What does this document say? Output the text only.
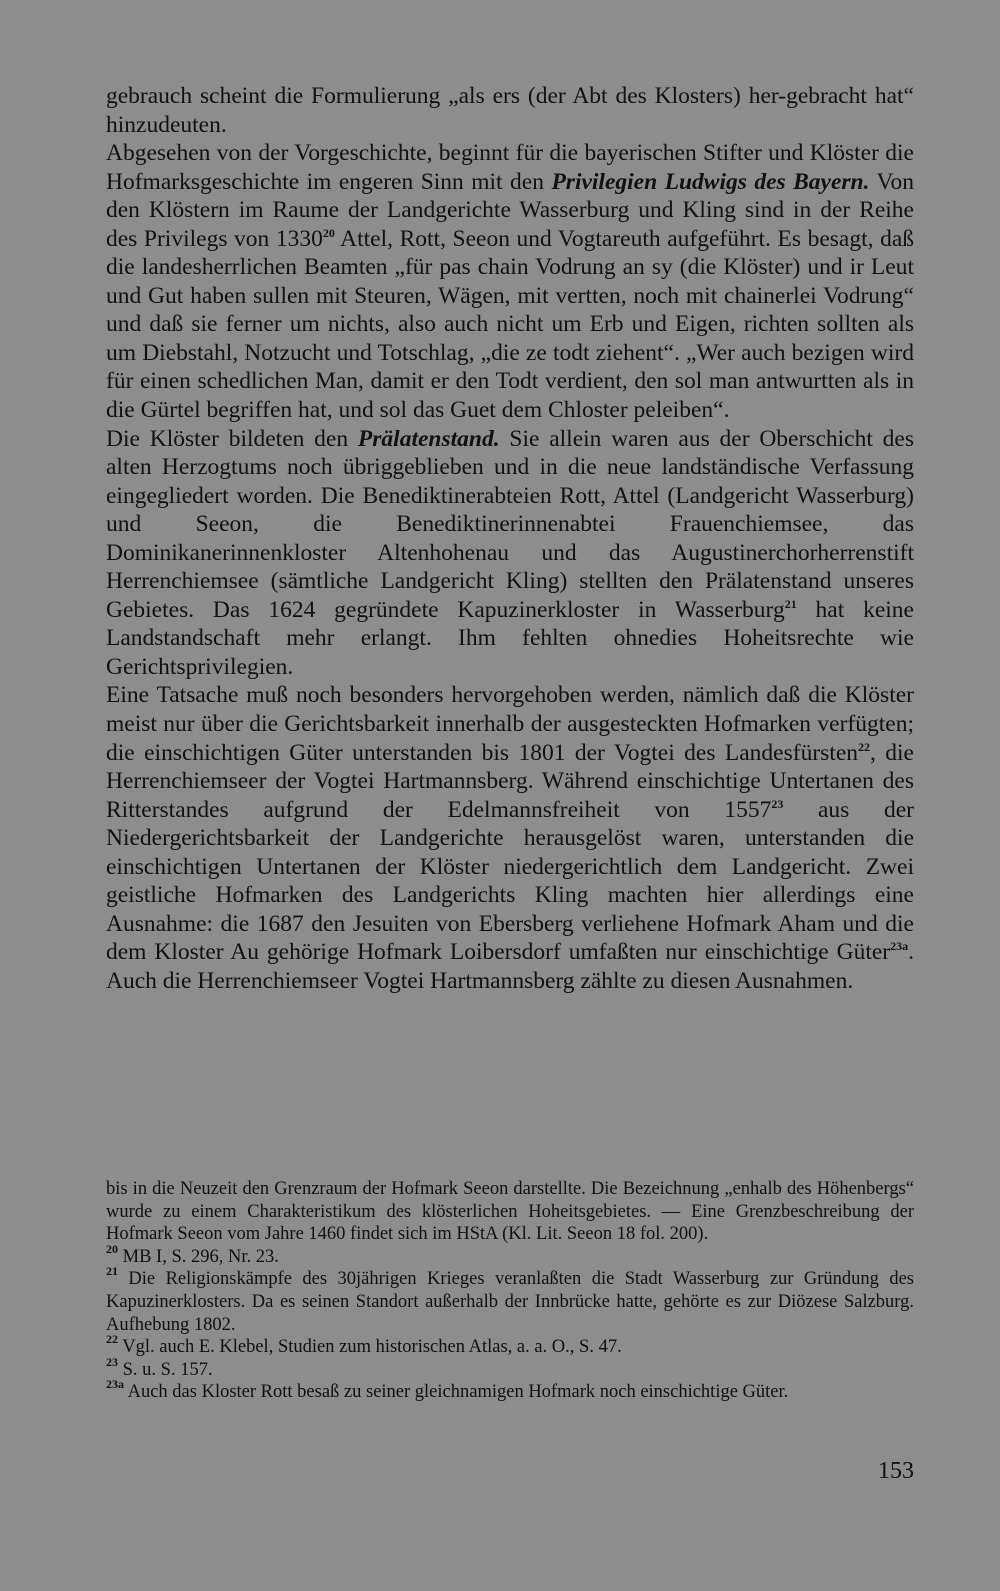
gebrauch scheint die Formulierung „als ers (der Abt des Klosters) her-gebracht hat“ hinzudeuten.

Abgesehen von der Vorgeschichte, beginnt für die bayerischen Stifter und Klöster die Hofmarksgeschichte im engeren Sinn mit den Privilegien Ludwigs des Bayern. Von den Klöstern im Raume der Landgerichte Wasserburg und Kling sind in der Reihe des Privilegs von 1330$^{20}$ Attel, Rott, Seeon und Vogtareuth aufgeführt. Es besagt, daß die landesherrlichen Beamten „für pas chain Vodrung an sy (die Klöster) und ir Leut und Gut haben sullen mit Steuren, Wägen, mit vertten, noch mit chainerlei Vodrung“ und daß sie ferner um nichts, also auch nicht um Erb und Eigen, richten sollten als um Diebstahl, Notzucht und Totschlag, „die ze todt ziehent“. „Wer auch bezigen wird für einen schedlichen Man, damit er den Todt verdient, den sol man antwurtten als in die Gürtel begriffen hat, und sol das Guet dem Chloster peleiben“.

Die Klöster bildeten den Prälatenstand. Sie allein waren aus der Oberschicht des alten Herzogtums noch übriggeblieben und in die neue landständische Verfassung eingegliedert worden. Die Benediktinerabteien Rott, Attel (Landgericht Wasserburg) und Seeon, die Benediktinerinnenabtei Frauenchiemsee, das Dominikanerinnenkloster Altenhohenau und das Augustinerchorherrenstift Herrenchiemsee (sämtliche Landgericht Kling) stellten den Prälatenstand unseres Gebietes. Das 1624 gegründete Kapuzinerkloster in Wasserburg$^{21}$ hat keine Landstandschaft mehr erlangt. Ihm fehlten ohnedies Hoheitsrechte wie Gerichtsprivilegien.

Eine Tatsache muß noch besonders hervorgehoben werden, nämlich daß die Klöster meist nur über die Gerichtsbarkeit innerhalb der ausgesteckten Hofmarken verfügten; die einschichtigen Güter unterstanden bis 1801 der Vogtei des Landesfürsten$^{22}$, die Herrenchiemseer der Vogtei Hartmannsberg. Während einschichtige Untertanen des Ritterstandes aufgrund der Edelmannsfreiheit von 1557$^{23}$ aus der Niedergerichtsbarkeit der Landgerichte herausgelöst waren, unterstanden die einschichtigen Untertanen der Klöster niedergerichtlich dem Landgericht. Zwei geistliche Hofmarken des Landgerichts Kling machten hier allerdings eine Ausnahme: die 1687 den Jesuiten von Ebersberg verliehene Hofmark Aham und die dem Kloster Au gehörige Hofmark Loibersdorf umfaßten nur einschichtige Güter$^{23a}$. Auch die Herrenchiemseer Vogtei Hartmannsberg zählte zu diesen Ausnahmen.

bis in die Neuzeit den Grenzraum der Hofmark Seeon darstellte. Die Bezeichnung „enhalb des Höhenbergs“ wurde zu einem Charakteristikum des klösterlichen Hoheitsgebietes. — Eine Grenzbeschreibung der Hofmark Seeon vom Jahre 1460 findet sich im HStA (Kl. Lit. Seeon 18 fol. 200).

$^{20}$ MB I, S. 296, Nr. 23.

$^{21}$ Die Religionskämpfe des 30jährigen Krieges veranlaßten die Stadt Wasserburg zur Gründung des Kapuzinerklosters. Da es seinen Standort außerhalb der Innbrücke hatte, gehörte es zur Diözese Salzburg. Aufhebung 1802.

$^{22}$ Vgl. auch E. Klebel, Studien zum historischen Atlas, a. a. O., S. 47.

$^{23}$ S. u. S. 157.

$^{23a}$ Auch das Kloster Rott besaß zu seiner gleichnamigen Hofmark noch einschichtige Güter.

153
